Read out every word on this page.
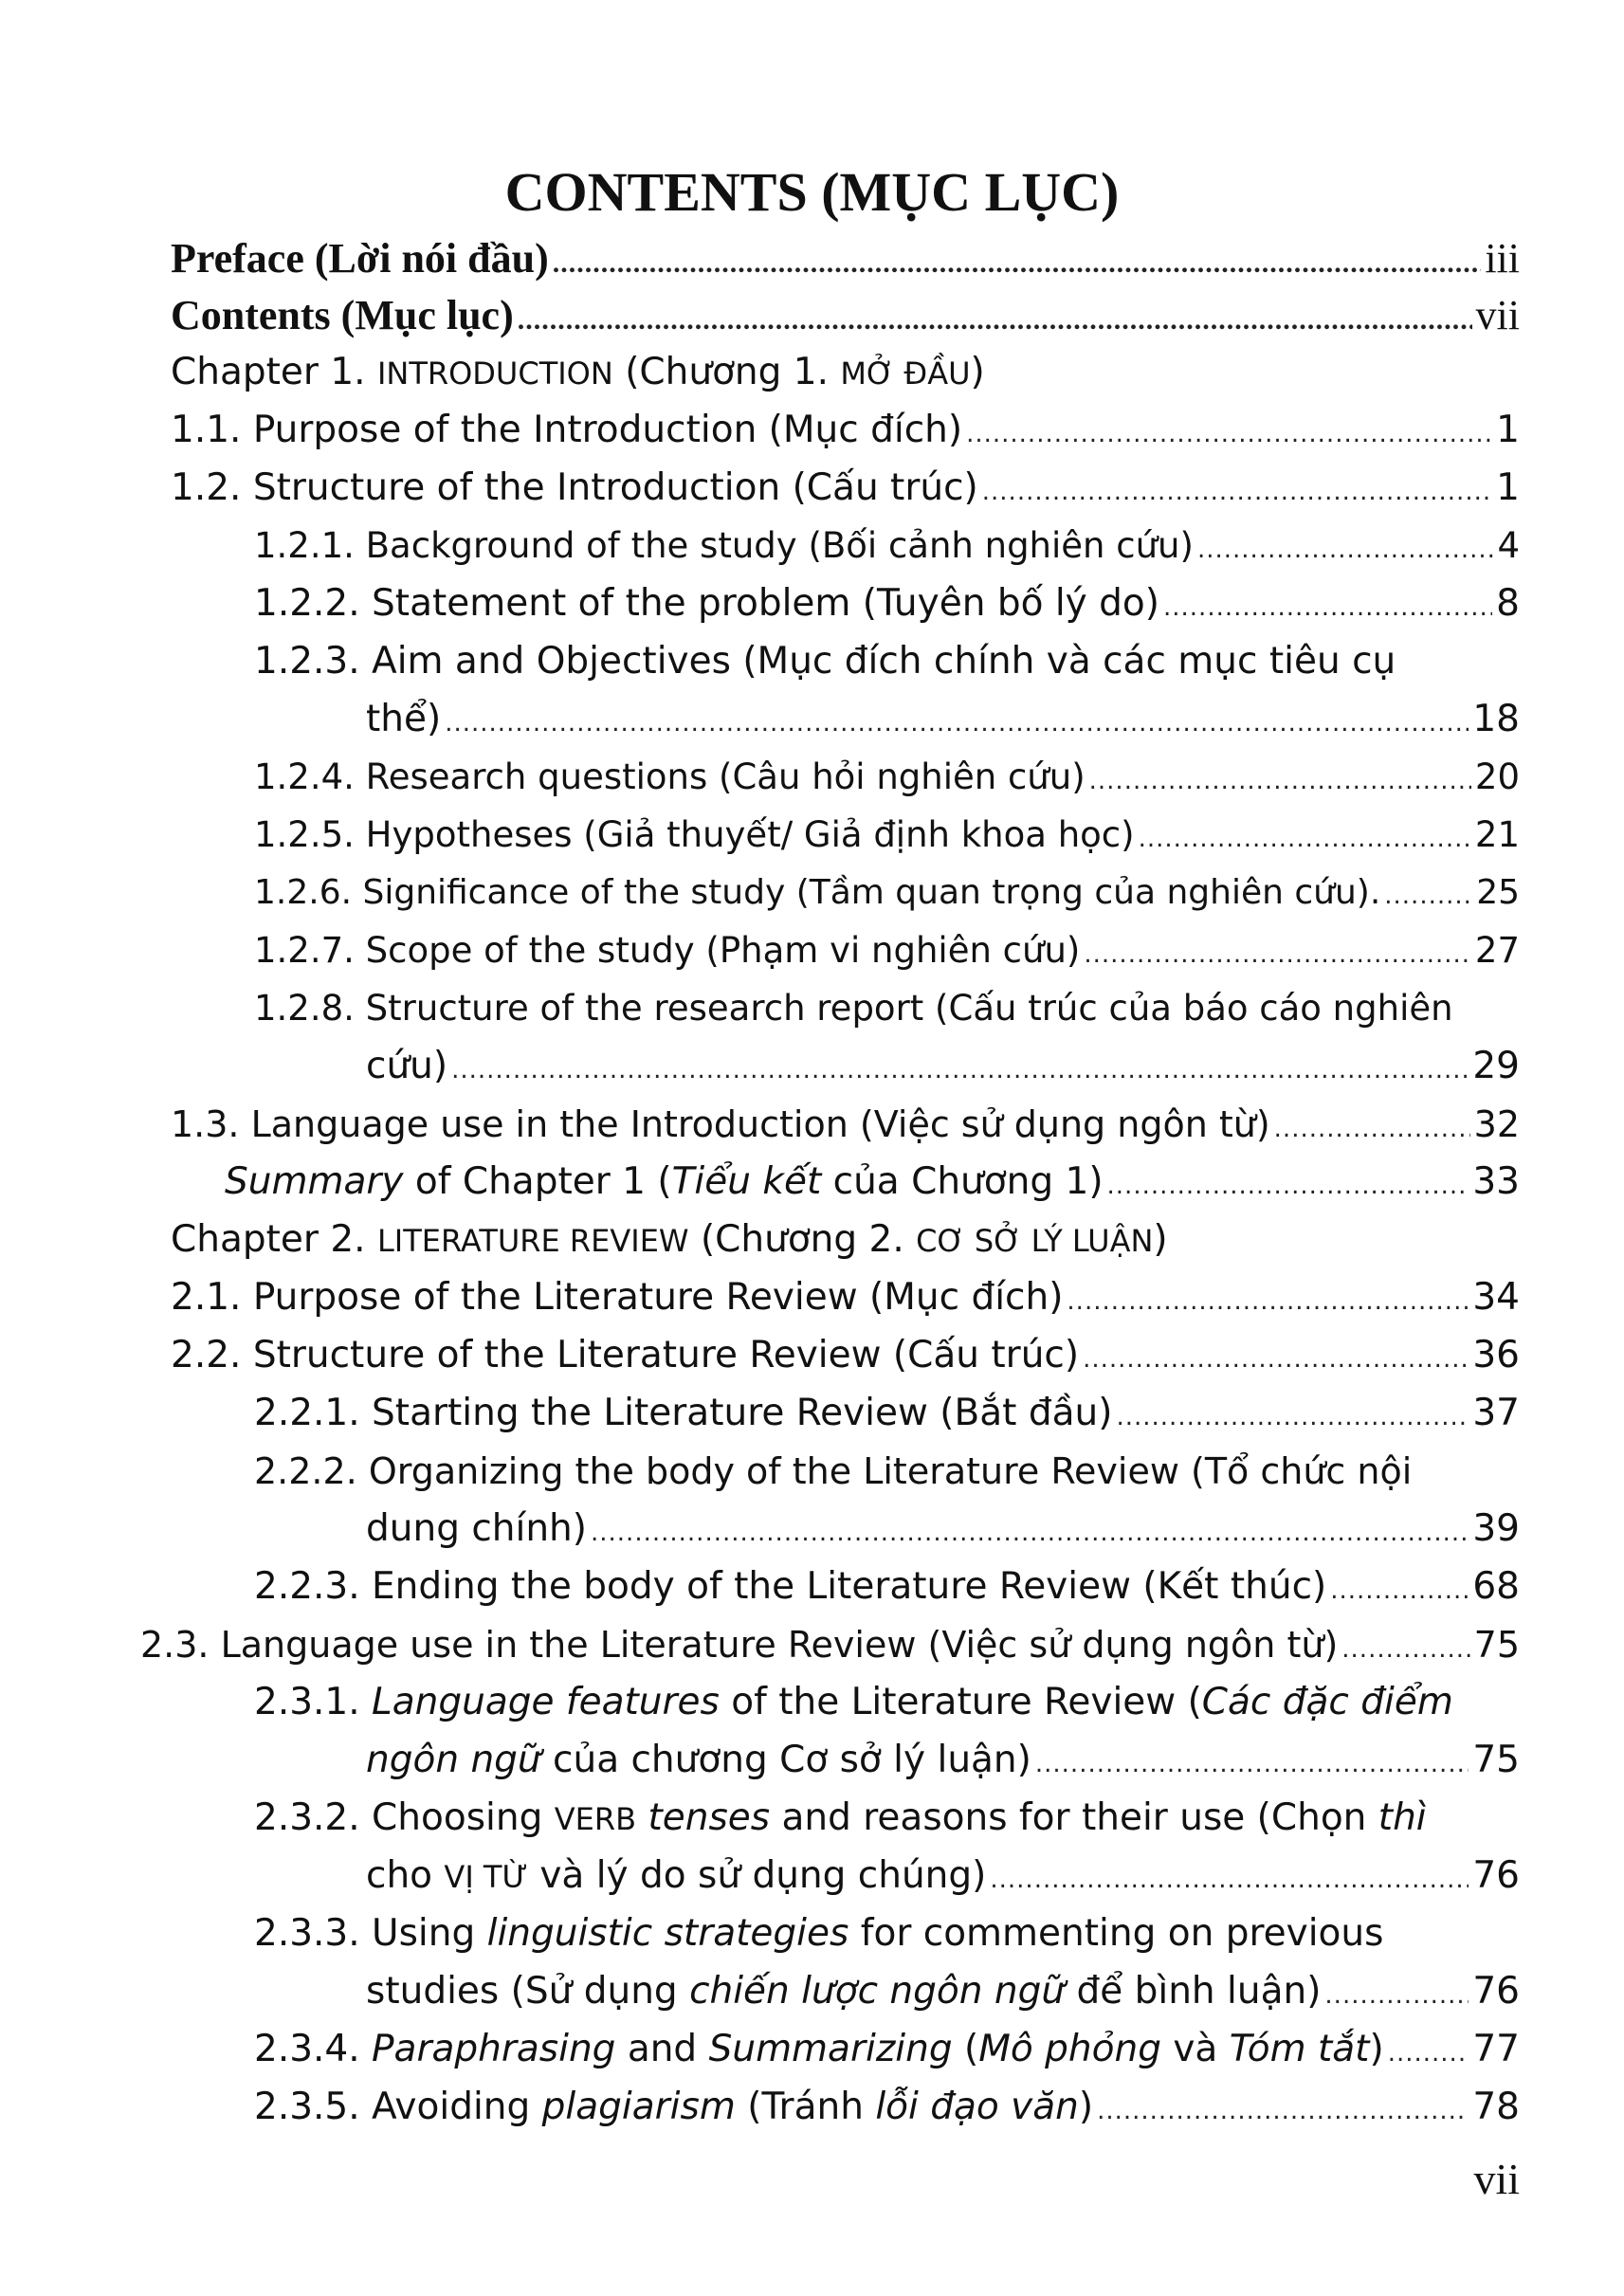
CONTENTS (MỤC LỤC)
Preface (Lời nói đầu) .....	iii
Contents (Mục lục) .....	vii
Chapter 1. INTRODUCTION (Chương 1. MỞ ĐẦU)
1.1. Purpose of the Introduction (Mục đích) .....	1
1.2. Structure of the Introduction (Cấu trúc) .....	1
1.2.1. Background of the study (Bối cảnh nghiên cứu) .....	4
1.2.2. Statement of the problem (Tuyên bố lý do) .....	8
1.2.3. Aim and Objectives (Mục đích chính và các mục tiêu cụ
thể) .....	18
1.2.4. Research questions (Câu hỏi nghiên cứu) .....	20
1.2.5. Hypotheses (Giả thuyết/ Giả định khoa học) .....	21
1.2.6. Significance of the study (Tầm quan trọng của nghiên cứu). .....	25
1.2.7. Scope of the study (Phạm vi nghiên cứu) .....	27
1.2.8. Structure of the research report (Cấu trúc của báo cáo nghiên
cứu) .....	29
1.3. Language use in the Introduction (Việc sử dụng ngôn từ) .....	32
Summary of Chapter 1 (Tiểu kết của Chương 1) .....	33
Chapter 2. LITERATURE REVIEW (Chương 2. CƠ SỞ LÝ LUẬN)
2.1. Purpose of the Literature Review (Mục đích) .....	34
2.2. Structure of the Literature Review (Cấu trúc) .....	36
2.2.1. Starting the Literature Review (Bắt đầu) .....	37
2.2.2. Organizing the body of the Literature Review (Tổ chức nội
dung chính) .....	39
2.2.3. Ending the body of the Literature Review (Kết thúc) .....	68
2.3. Language use in the Literature Review (Việc sử dụng ngôn từ) .....	75
2.3.1. Language features of the Literature Review (Các đặc điểm
ngôn ngữ của chương Cơ sở lý luận) .....	75
2.3.2. Choosing VERB tenses and reasons for their use (Chọn thì
cho VỊ TỪ và lý do sử dụng chúng) .....	76
2.3.3. Using linguistic strategies for commenting on previous
studies (Sử dụng chiến lược ngôn ngữ để bình luận) .....	76
2.3.4. Paraphrasing and Summarizing (Mô phỏng và Tóm tắt) ..... 77
2.3.5. Avoiding plagiarism (Tránh lỗi đạo văn) .....	78
vii
